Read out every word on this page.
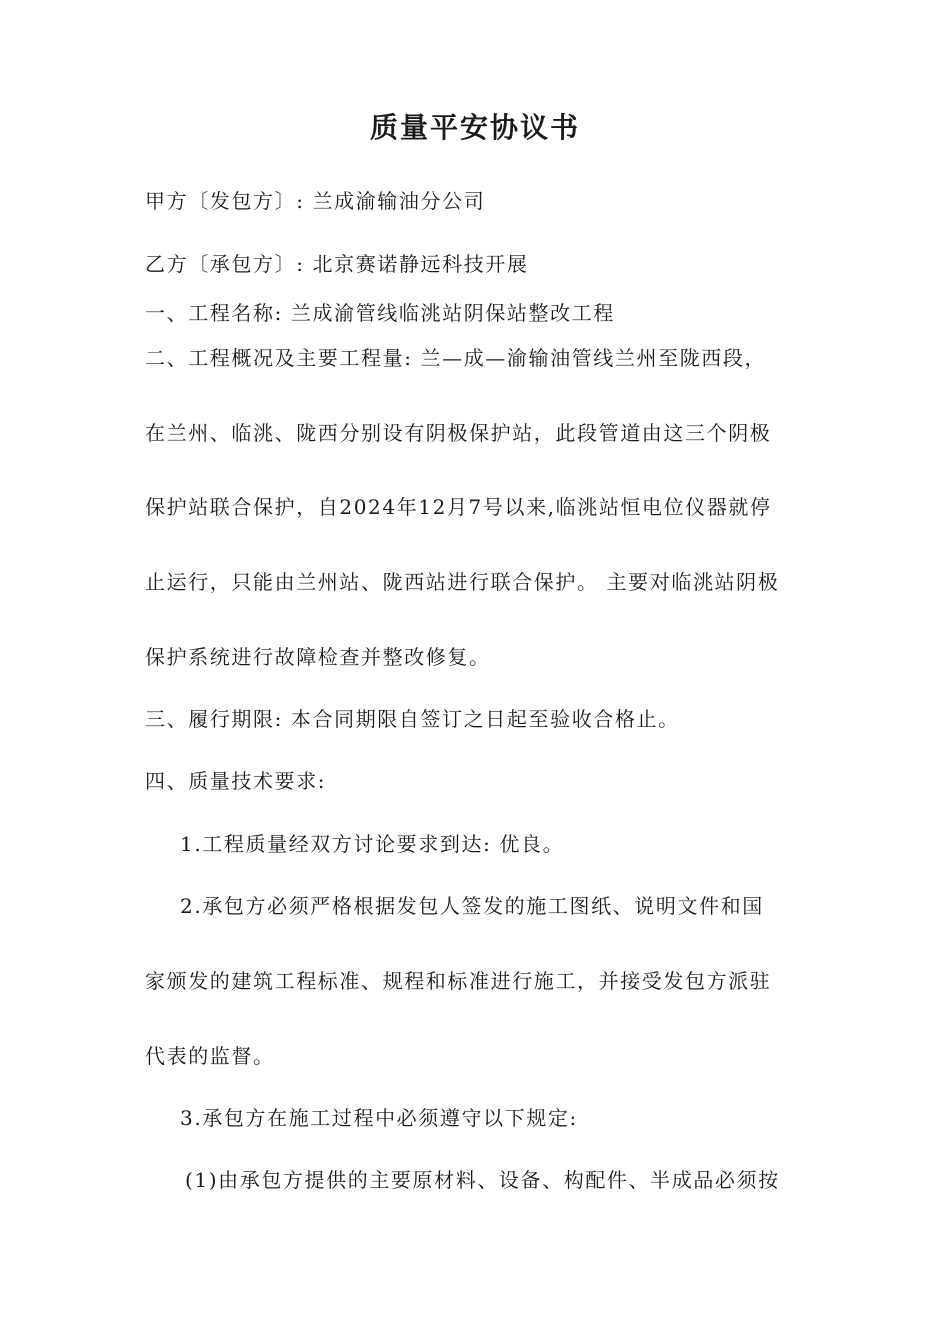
质量平安协议书
甲方〔发包方〕: 兰成渝输油分公司
乙方〔承包方〕: 北京赛诺静远科技开展
一、工程名称: 兰成渝管线临洮站阴保站整改工程
二、工程概况及主要工程量: 兰—成—渝输油管线兰州至陇西段，
在兰州、临洮、陇西分别设有阴极保护站，此段管道由这三个阴极
保护站联合保护，自2024年12月7号以来,临洮站恒电位仪器就停
止运行，只能由兰州站、陇西站进行联合保护。 主要对临洮站阴极
保护系统进行故障检查并整改修复。
三、履行期限: 本合同期限自签订之日起至验收合格止。
四、质量技术要求:
1.工程质量经双方讨论要求到达: 优良。
2.承包方必须严格根据发包人签发的施工图纸、说明文件和国
家颁发的建筑工程标准、规程和标准进行施工，并接受发包方派驻
代表的监督。
3.承包方在施工过程中必须遵守以下规定:
(1)由承包方提供的主要原材料、设备、构配件、半成品必须按
